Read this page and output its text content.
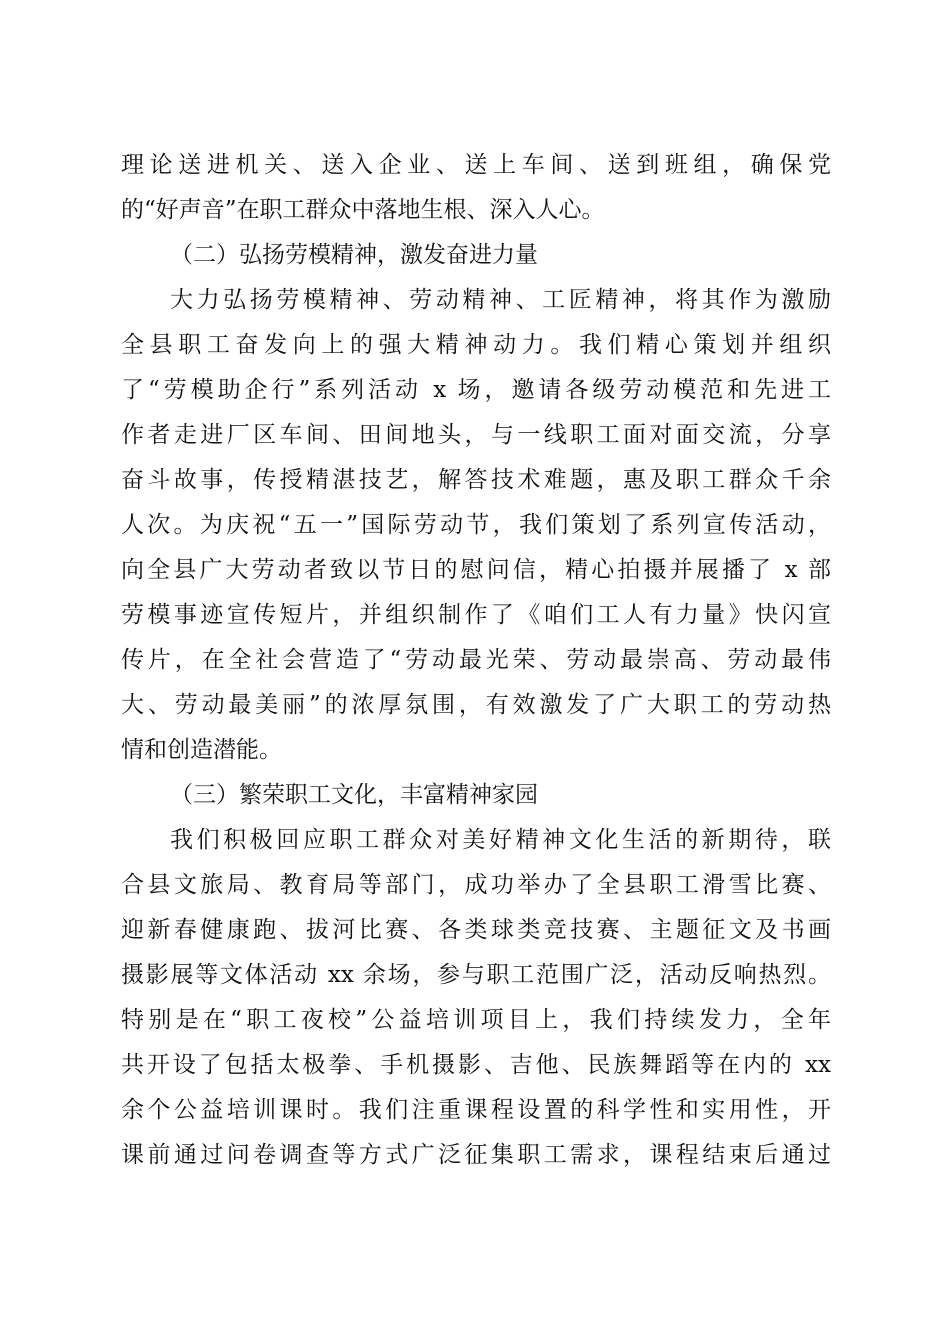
理论送进机关、送入企业、送上车间、送到班组，确保党
的“好声音”在职工群众中落地生根、深入人心。
（二）弘扬劳模精神，激发奋进力量
大力弘扬劳模精神、劳动精神、工匠精神，将其作为激励
全县职工奋发向上的强大精神动力。我们精心策划并组织
了“劳模助企行”系列活动 x 场，邀请各级劳动模范和先进工
作者走进厂区车间、田间地头，与一线职工面对面交流，分享
奋斗故事，传授精湛技艺，解答技术难题，惠及职工群众千余
人次。为庆祝“五一”国际劳动节，我们策划了系列宣传活动，
向全县广大劳动者致以节日的慰问信，精心拍摄并展播了 x 部
劳模事迹宣传短片，并组织制作了《咱们工人有力量》快闪宣
传片，在全社会营造了“劳动最光荣、劳动最崇高、劳动最伟
大、劳动最美丽”的浓厚氛围，有效激发了广大职工的劳动热
情和创造潜能。
（三）繁荣职工文化，丰富精神家园
我们积极回应职工群众对美好精神文化生活的新期待，联
合县文旅局、教育局等部门，成功举办了全县职工滑雪比赛、
迎新春健康跑、拔河比赛、各类球类竞技赛、主题征文及书画
摄影展等文体活动 xx 余场，参与职工范围广泛，活动反响热烈。
特别是在“职工夜校”公益培训项目上，我们持续发力，全年
共开设了包括太极拳、手机摄影、吉他、民族舞蹈等在内的 xx
余个公益培训课时。我们注重课程设置的科学性和实用性，开
课前通过问卷调查等方式广泛征集职工需求，课程结束后通过
